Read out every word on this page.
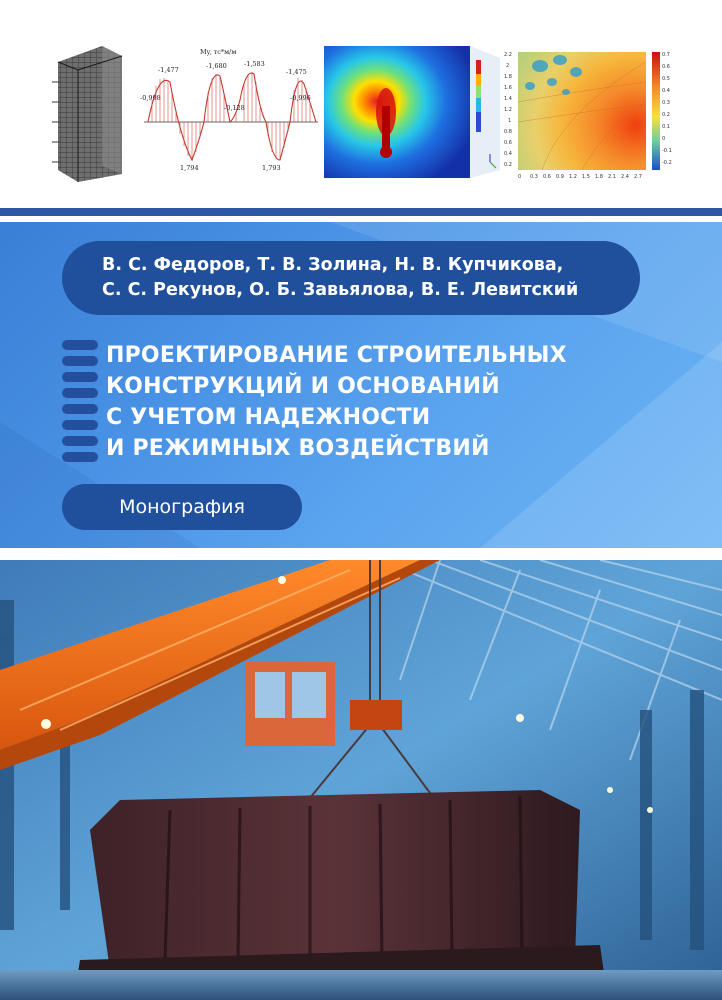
My, тс*м/м
-0,998
-1,477	-1,680
-0,128
-1,583
-1,475
-0,996
1,794	1,793
2.2
2
1.8
1.6
1.4
1.2
1
0.8
0.6
0.4
0.2
0 0.3 0.6 0.9 1.2 1.5 1.8 2.1 2.4 2.7
0.7
0.6
0.5
0.4
0.3
0.2
0.1
0
-0.1
-0.2
В. С. Федоров, Т. В. Золина, Н. В. Купчикова,
С. С. Рекунов, О. Б. Завьялова, В. Е. Левитский
ПРОЕКТИРОВАНИЕ СТРОИТЕЛЬНЫХ
КОНСТРУКЦИЙ И ОСНОВАНИЙ
С УЧЕТОМ НАДЕЖНОСТИ
И РЕЖИМНЫХ ВОЗДЕЙСТВИЙ
Монография
